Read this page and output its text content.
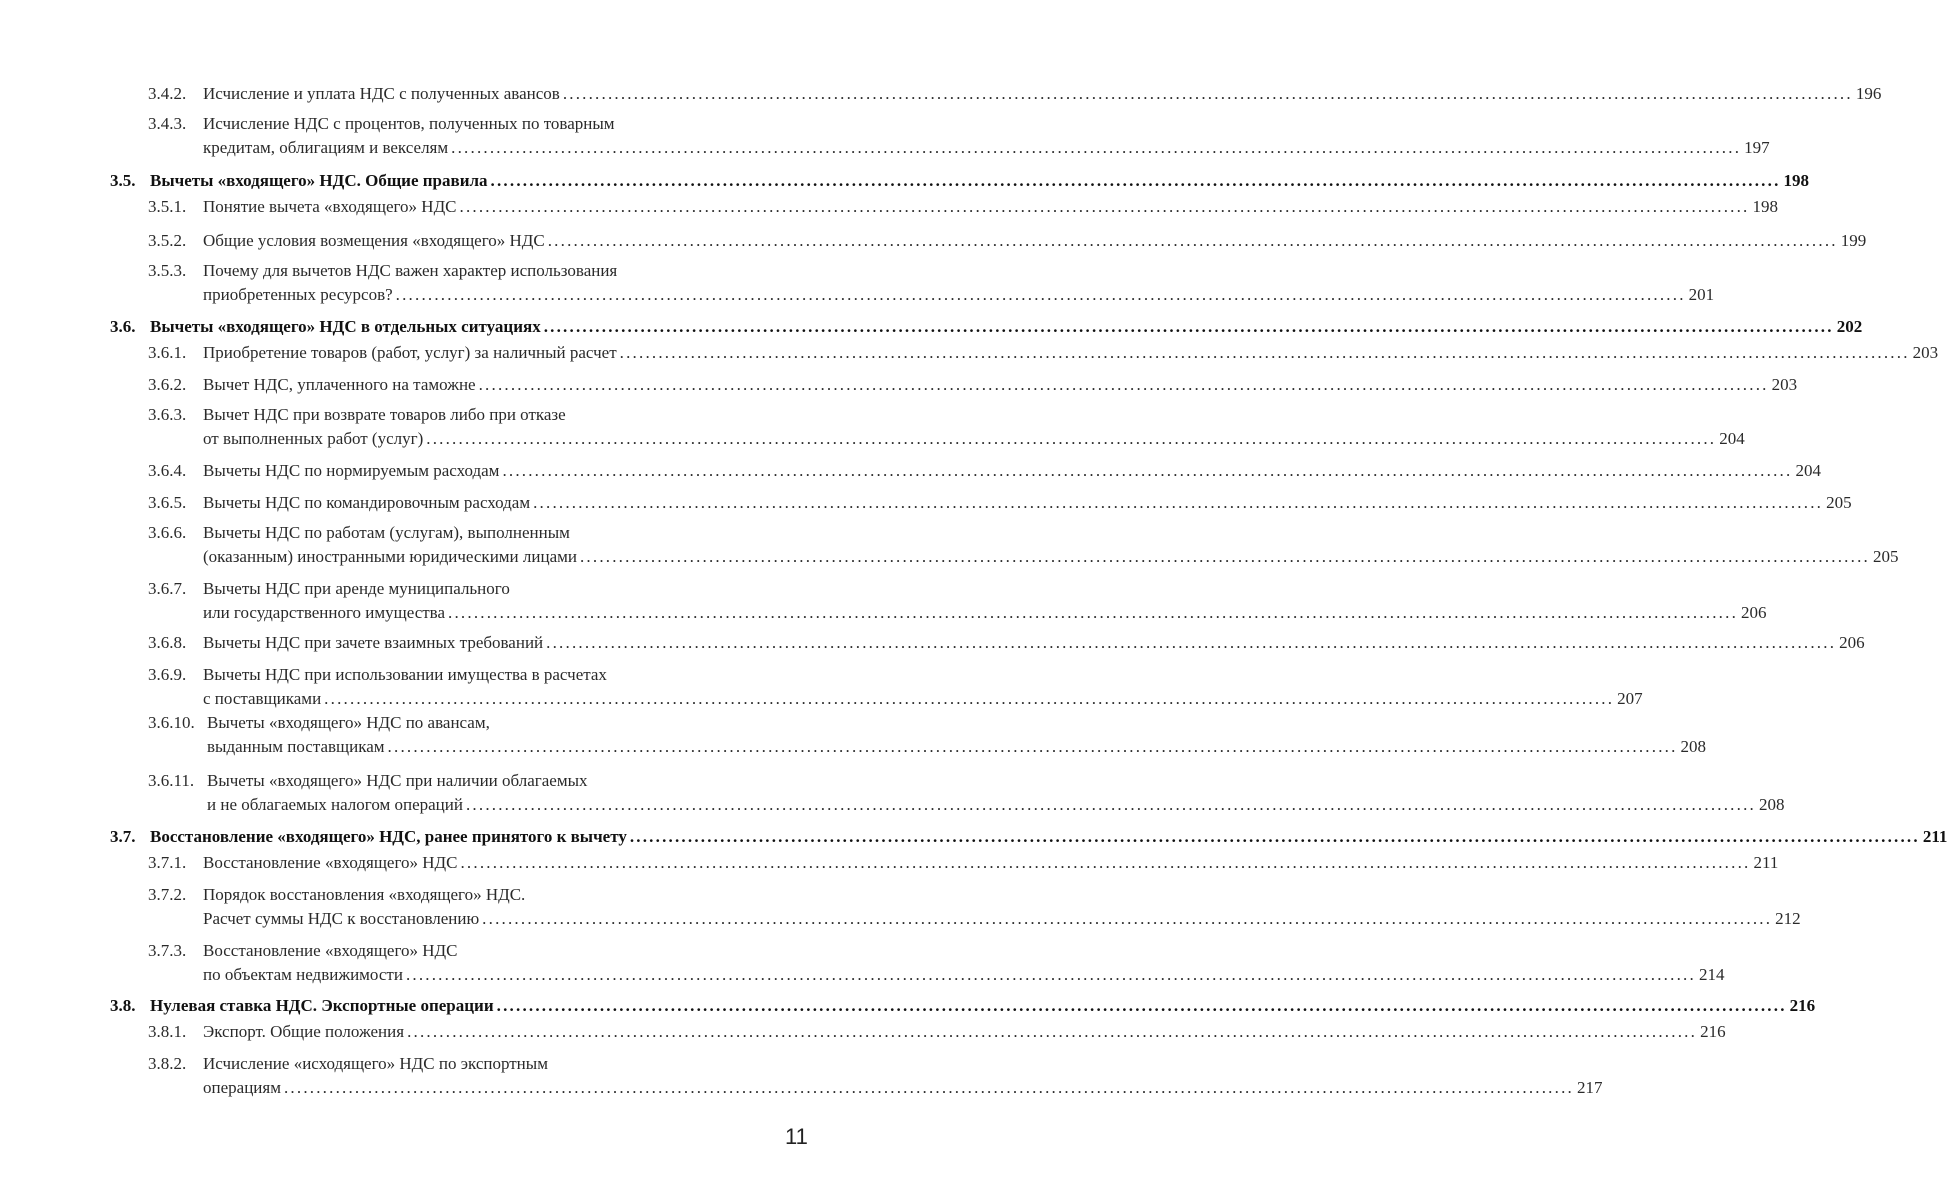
3.4.2. Исчисление и уплата НДС с полученных авансов ........................................................................................................................................................................................................ 196
3.4.3. Исчисление НДС с процентов, полученных по товарным
кредитам, облигациям и векселям ........................................................................................................................................................................................................ 197
3.5. Вычеты «входящего» НДС. Общие правила ........................................................................................................................................................................................................ 198
3.5.1. Понятие вычета «входящего» НДС ........................................................................................................................................................................................................ 198
3.5.2. Общие условия возмещения «входящего» НДС ........................................................................................................................................................................................................ 199
3.5.3. Почему для вычетов НДС важен характер использования
приобретенных ресурсов? ........................................................................................................................................................................................................ 201
3.6. Вычеты «входящего» НДС в отдельных ситуациях ........................................................................................................................................................................................................ 202
3.6.1. Приобретение товаров (работ, услуг) за наличный расчет ........................................................................................................................................................................................................ 203
3.6.2. Вычет НДС, уплаченного на таможне ........................................................................................................................................................................................................ 203
3.6.3. Вычет НДС при возврате товаров либо при отказе
от выполненных работ (услуг) ........................................................................................................................................................................................................ 204
3.6.4. Вычеты НДС по нормируемым расходам ........................................................................................................................................................................................................ 204
3.6.5. Вычеты НДС по командировочным расходам ........................................................................................................................................................................................................ 205
3.6.6. Вычеты НДС по работам (услугам), выполненным
(оказанным) иностранными юридическими лицами ........................................................................................................................................................................................................ 205
3.6.7. Вычеты НДС при аренде муниципального
или государственного имущества ........................................................................................................................................................................................................ 206
3.6.8. Вычеты НДС при зачете взаимных требований ........................................................................................................................................................................................................ 206
3.6.9. Вычеты НДС при использовании имущества в расчетах
с поставщиками ........................................................................................................................................................................................................ 207
3.6.10. Вычеты «входящего» НДС по авансам,
выданным поставщикам ........................................................................................................................................................................................................ 208
3.6.11. Вычеты «входящего» НДС при наличии облагаемых
и не облагаемых налогом операций ........................................................................................................................................................................................................ 208
3.7. Восстановление «входящего» НДС, ранее принятого к вычету ........................................................................................................................................................................................................ 211
3.7.1. Восстановление «входящего» НДС ........................................................................................................................................................................................................ 211
3.7.2. Порядок восстановления «входящего» НДС.
Расчет суммы НДС к восстановлению ........................................................................................................................................................................................................ 212
3.7.3. Восстановление «входящего» НДС
по объектам недвижимости ........................................................................................................................................................................................................ 214
3.8. Нулевая ставка НДС. Экспортные операции ........................................................................................................................................................................................................ 216
3.8.1. Экспорт. Общие положения ........................................................................................................................................................................................................ 216
3.8.2. Исчисление «исходящего» НДС по экспортным
операциям ........................................................................................................................................................................................................ 217
11
